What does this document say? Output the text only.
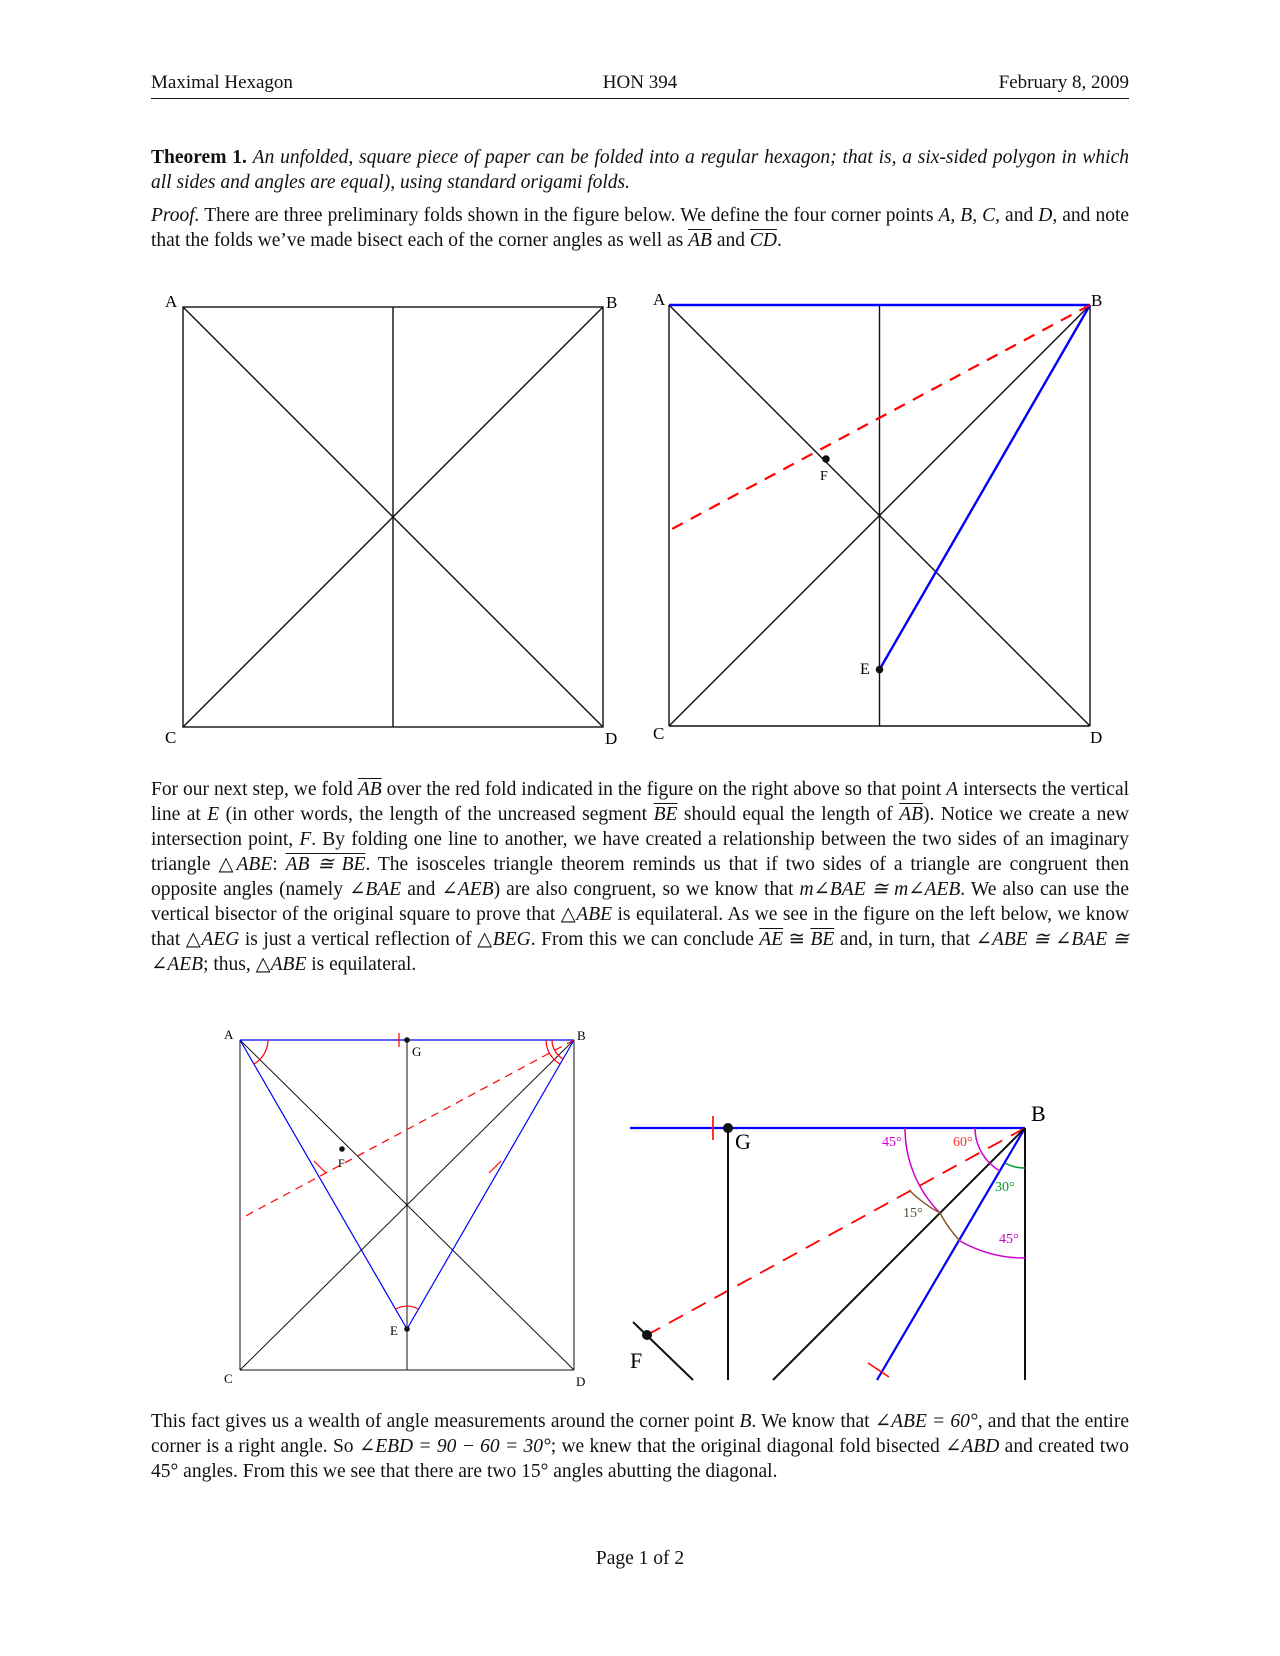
Maximal Hexagon	HON 394	February 8, 2009
Theorem 1. An unfolded, square piece of paper can be folded into a regular hexagon; that is, a six-sided polygon in which all sides and angles are equal), using standard origami folds.
Proof. There are three preliminary folds shown in the figure below. We define the four corner points A, B, C, and D, and note that the folds we’ve made bisect each of the corner angles as well as $\overline{AB}$ and $\overline{CD}$.
A	B
C	D
A	B
C	D
E
F
For our next step, we fold $\overline{AB}$ over the red fold indicated in the figure on the right above so that point A intersects the vertical line at E (in other words, the length of the uncreased segment $\overline{BE}$ should equal the length of $\overline{AB}$). Notice we create a new intersection point, F. By folding one line to another, we have created a relationship between the two sides of an imaginary triangle △ABE: AB ≅ BE. The isosceles triangle theorem reminds us that if two sides of a triangle are congruent then opposite angles (namely ∠BAE and ∠AEB) are also congruent, so we know that m∠BAE ≅ m∠AEB. We also can use the vertical bisector of the original square to prove that △ABE is equilateral. As we see in the figure on the left below, we know that △AEG is just a vertical reflection of △BEG. From this we can conclude $\overline{AE}$ ≅ $\overline{BE}$ and, in turn, that ∠ABE ≅ ∠BAE ≅ ∠AEB; thus, △ABE is equilateral.
A	B
C	D
G
F
E
B
G
F
45°	60°
30°
15°
45°
This fact gives us a wealth of angle measurements around the corner point B. We know that ∠ABE = 60°, and that the entire corner is a right angle. So ∠EBD = 90 − 60 = 30°; we knew that the original diagonal fold bisected ∠ABD and created two 45° angles. From this we see that there are two 15° angles abutting the diagonal.
Page 1 of 2
